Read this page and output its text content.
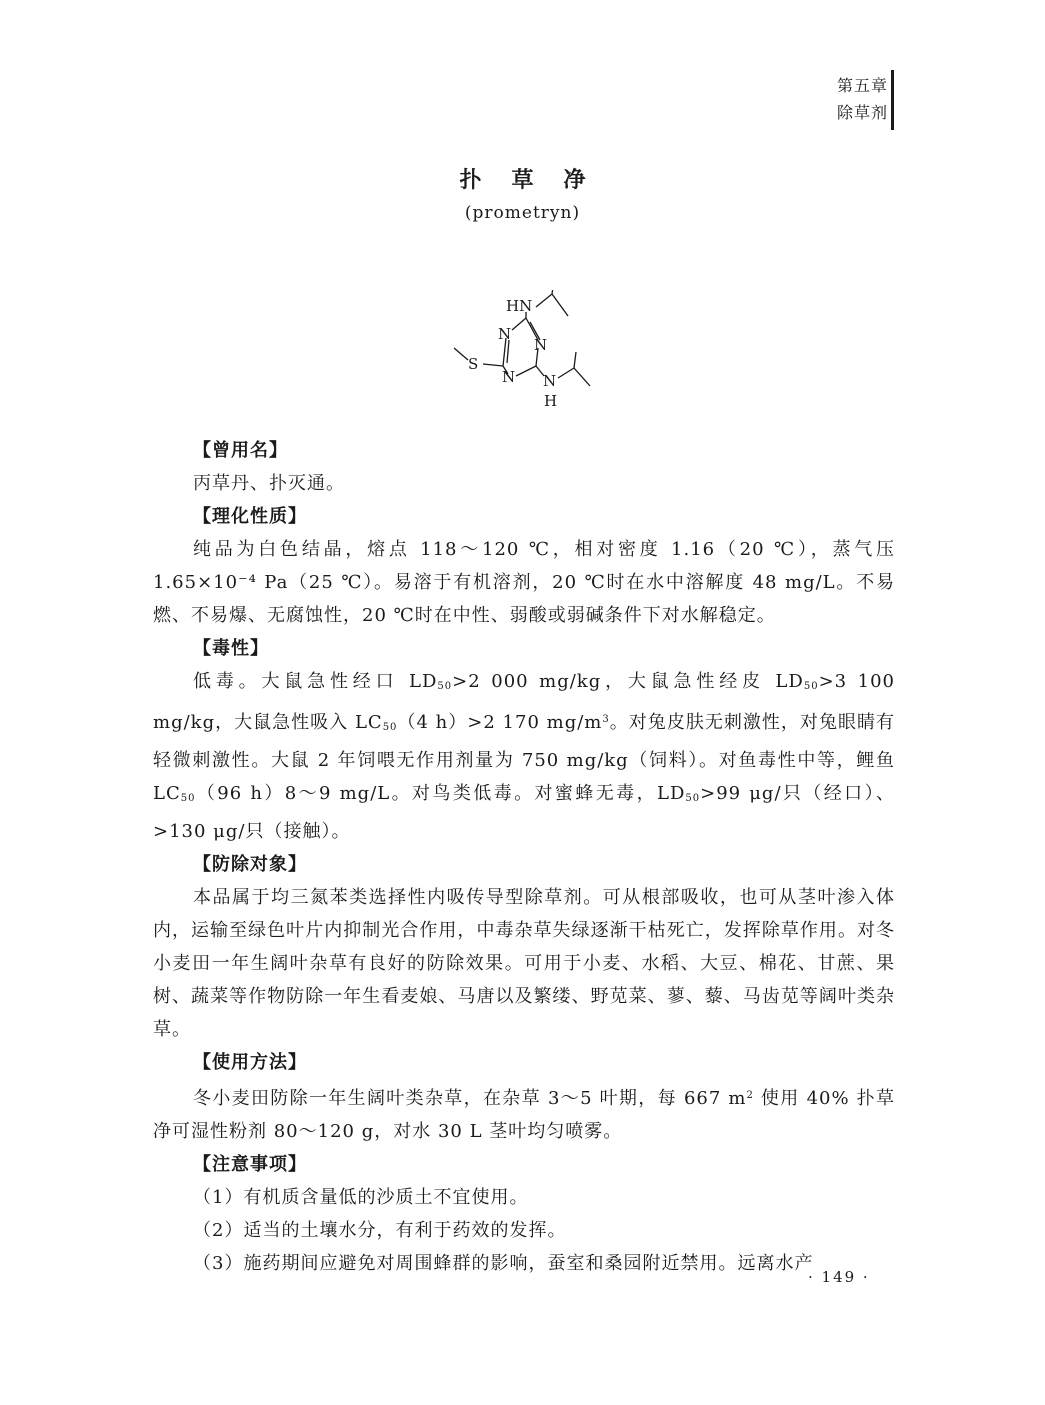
第五章
除草剂
扑草净
(prometryn)
HN
N
N
N
S
N
H
【曾用名】

丙草丹、扑灭通。

【理化性质】

纯品为白色结晶，熔点 118～120 ℃，相对密度 1.16（20 ℃），蒸气压 1.65×10⁻⁴ Pa（25 ℃）。易溶于有机溶剂，20 ℃时在水中溶解度 48 mg/L。不易燃、不易爆、无腐蚀性，20 ℃时在中性、弱酸或弱碱条件下对水解稳定。

【毒性】

低毒。大鼠急性经口 $LD_{50}>2$ 000 mg/kg，大鼠急性经皮 $LD_{50}>3$ 100 mg/kg，大鼠急性吸入 $LC_{50}(4$ h）>2 170 $mg/m^3$。对兔皮肤无刺激性，对兔眼睛有轻微刺激性。大鼠 2 年饲喂无作用剂量为 750 mg/kg（饲料）。对鱼毒性中等，鲤鱼 $LC_{50}(96$ h）8～9 mg/L。对鸟类低毒。对蜜蜂无毒，$LD_{50}>99$ μg/只（经口）、>130 μg/只（接触）。

【防除对象】

本品属于均三氮苯类选择性内吸传导型除草剂。可从根部吸收，也可从茎叶渗入体内，运输至绿色叶片内抑制光合作用，中毒杂草失绿逐渐干枯死亡，发挥除草作用。对冬小麦田一年生阔叶杂草有良好的防除效果。可用于小麦、水稻、大豆、棉花、甘蔗、果树、蔬菜等作物防除一年生看麦娘、马唐以及繁缕、野苋菜、蓼、藜、马齿苋等阔叶类杂草。

【使用方法】

冬小麦田防除一年生阔叶类杂草，在杂草 3～5 叶期，每 667 $m^2$ 使用 40% 扑草净可湿性粉剂 80～120 g，对水 30 L 茎叶均匀喷雾。

【注意事项】

（1）有机质含量低的沙质土不宜使用。

（2）适当的土壤水分，有利于药效的发挥。

（3）施药期间应避免对周围蜂群的影响，蚕室和桑园附近禁用。远离水产

· 149 ·
